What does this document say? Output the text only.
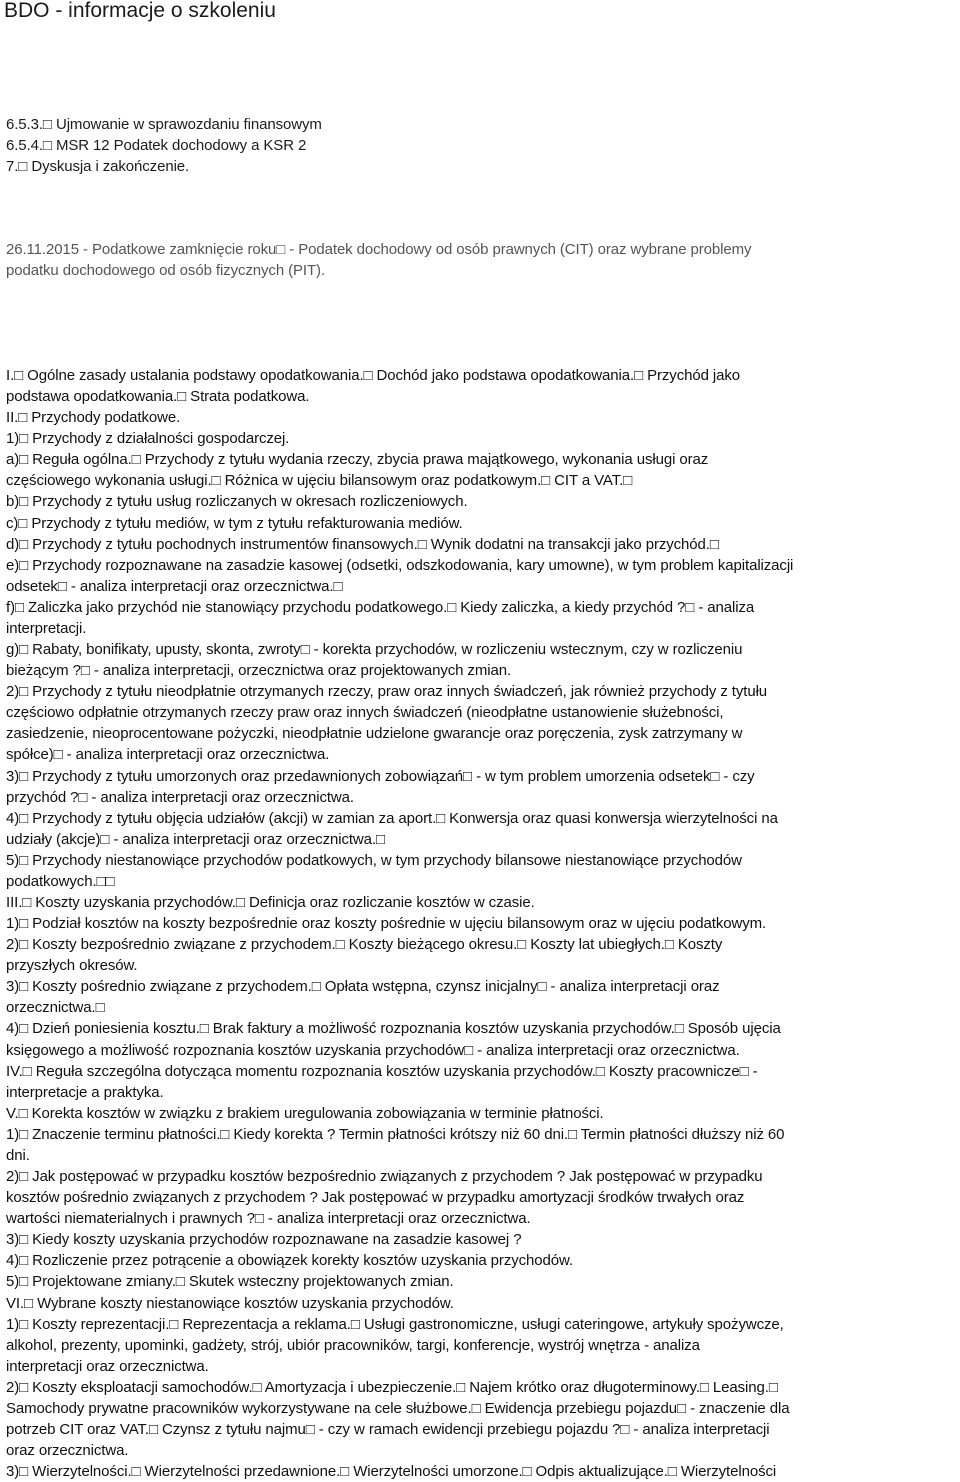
BDO - informacje o szkoleniu
6.5.3.□ Ujmowanie w sprawozdaniu finansowym
6.5.4.□ MSR 12 Podatek dochodowy a KSR 2
7.□ Dyskusja i zakończenie.
26.11.2015 - Podatkowe zamknięcie roku□ - Podatek dochodowy od osób prawnych (CIT) oraz wybrane problemy
podatku dochodowego od osób fizycznych (PIT).
I.□ Ogólne zasady ustalania podstawy opodatkowania.□ Dochód jako podstawa opodatkowania.□ Przychód jako
podstawa opodatkowania.□ Strata podatkowa.
II.□ Przychody podatkowe.
1)□ Przychody z działalności gospodarczej.
a)□ Reguła ogólna.□ Przychody z tytułu wydania rzeczy, zbycia prawa majątkowego, wykonania usługi oraz
częściowego wykonania usługi.□ Różnica w ujęciu bilansowym oraz podatkowym.□ CIT a VAT.□
b)□ Przychody z tytułu usług rozliczanych w okresach rozliczeniowych.
c)□ Przychody z tytułu mediów, w tym z tytułu refakturowania mediów.
d)□ Przychody z tytułu pochodnych instrumentów finansowych.□ Wynik dodatni na transakcji jako przychód.□
e)□ Przychody rozpoznawane na zasadzie kasowej (odsetki, odszkodowania, kary umowne), w tym problem kapitalizacji
odsetek□ - analiza interpretacji oraz orzecznictwa.□
f)□ Zaliczka jako przychód nie stanowiący przychodu podatkowego.□ Kiedy zaliczka, a kiedy przychód ?□ - analiza
interpretacji.
g)□ Rabaty, bonifikaty, upusty, skonta, zwroty□ - korekta przychodów, w rozliczeniu wstecznym, czy w rozliczeniu
bieżącym ?□ - analiza interpretacji, orzecznictwa oraz projektowanych zmian.
2)□ Przychody z tytułu nieodpłatnie otrzymanych rzeczy, praw oraz innych świadczeń, jak również przychody z tytułu
częściowo odpłatnie otrzymanych rzeczy praw oraz innych świadczeń (nieodpłatne ustanowienie służebności,
zasiedzenie, nieoprocentowane pożyczki, nieodpłatnie udzielone gwarancje oraz poręczenia, zysk zatrzymany w
spółce)□ - analiza interpretacji oraz orzecznictwa.
3)□ Przychody z tytułu umorzonych oraz przedawnionych zobowiązań□ - w tym problem umorzenia odsetek□ - czy
przychód ?□ - analiza interpretacji oraz orzecznictwa.
4)□ Przychody z tytułu objęcia udziałów (akcji) w zamian za aport.□ Konwersja oraz quasi konwersja wierzytelności na
udziały (akcje)□ - analiza interpretacji oraz orzecznictwa.□
5)□ Przychody niestanowiące przychodów podatkowych, w tym przychody bilansowe niestanowiące przychodów
podatkowych.□□
III.□ Koszty uzyskania przychodów.□ Definicja oraz rozliczanie kosztów w czasie.
1)□ Podział kosztów na koszty bezpośrednie oraz koszty pośrednie w ujęciu bilansowym oraz w ujęciu podatkowym.
2)□ Koszty bezpośrednio związane z przychodem.□ Koszty bieżącego okresu.□ Koszty lat ubiegłych.□ Koszty
przyszłych okresów.
3)□ Koszty pośrednio związane z przychodem.□ Opłata wstępna, czynsz inicjalny□ - analiza interpretacji oraz
orzecznictwa.□
4)□ Dzień poniesienia kosztu.□ Brak faktury a możliwość rozpoznania kosztów uzyskania przychodów.□ Sposób ujęcia
księgowego a możliwość rozpoznania kosztów uzyskania przychodów□ - analiza interpretacji oraz orzecznictwa.
IV.□ Reguła szczególna dotycząca momentu rozpoznania kosztów uzyskania przychodów.□ Koszty pracownicze□ -
interpretacje a praktyka.
V.□ Korekta kosztów w związku z brakiem uregulowania zobowiązania w terminie płatności.
1)□ Znaczenie terminu płatności.□ Kiedy korekta ? Termin płatności krótszy niż 60 dni.□ Termin płatności dłuższy niż 60
dni.
2)□ Jak postępować w przypadku kosztów bezpośrednio związanych z przychodem ? Jak postępować w przypadku
kosztów pośrednio związanych z przychodem ? Jak postępować w przypadku amortyzacji środków trwałych oraz
wartości niematerialnych i prawnych ?□ - analiza interpretacji oraz orzecznictwa.
3)□ Kiedy koszty uzyskania przychodów rozpoznawane na zasadzie kasowej ?
4)□ Rozliczenie przez potrącenie a obowiązek korekty kosztów uzyskania przychodów.
5)□ Projektowane zmiany.□ Skutek wsteczny projektowanych zmian.
VI.□ Wybrane koszty niestanowiące kosztów uzyskania przychodów.
1)□ Koszty reprezentacji.□ Reprezentacja a reklama.□ Usługi gastronomiczne, usługi cateringowe, artykuły spożywcze,
alkohol, prezenty, upominki, gadżety, strój, ubiór pracowników, targi, konferencje, wystrój wnętrza - analiza
interpretacji oraz orzecznictwa.
2)□ Koszty eksploatacji samochodów.□ Amortyzacja i ubezpieczenie.□ Najem krótko oraz długoterminowy.□ Leasing.□
Samochody prywatne pracowników wykorzystywane na cele służbowe.□ Ewidencja przebiegu pojazdu□ - znaczenie dla
potrzeb CIT oraz VAT.□ Czynsz z tytułu najmu□ - czy w ramach ewidencji przebiegu pojazdu ?□ - analiza interpretacji
oraz orzecznictwa.
3)□ Wierzytelności.□ Wierzytelności przedawnione.□ Wierzytelności umorzone.□ Odpis aktualizujące.□ Wierzytelności
